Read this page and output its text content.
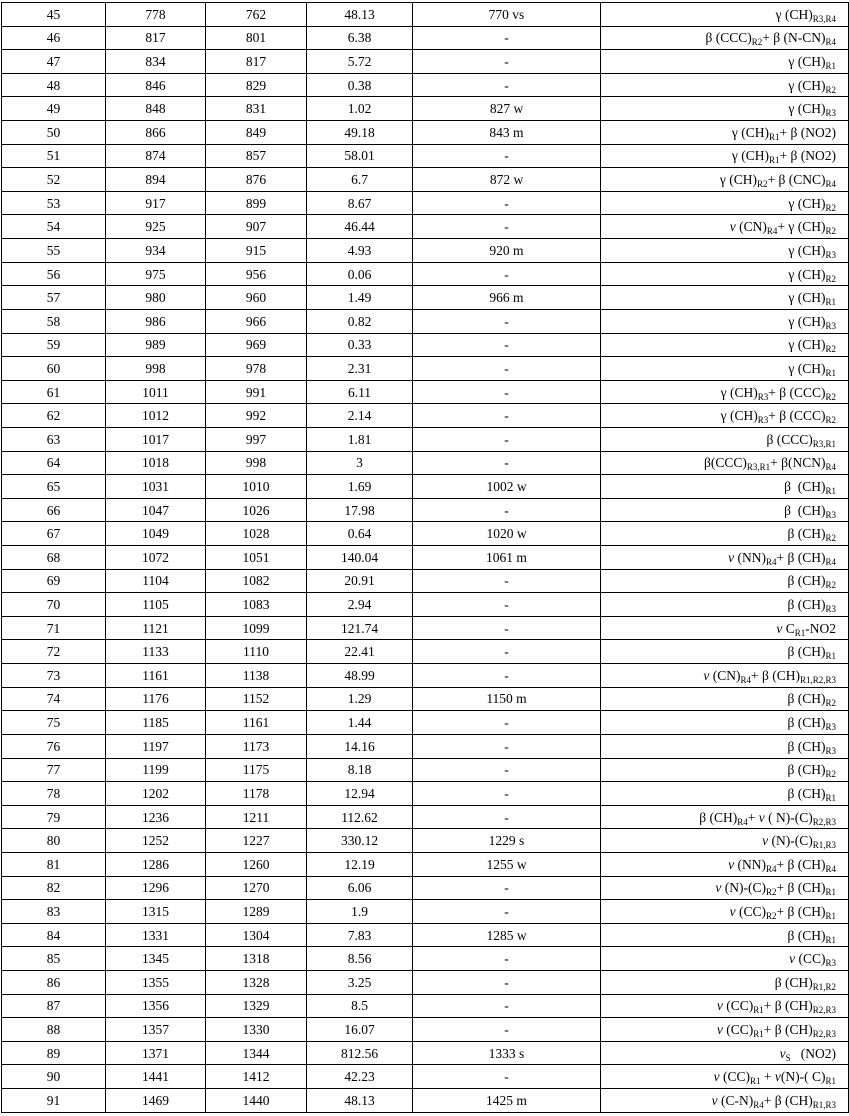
45	778	762	48.13	770 vs	γ $(CH)_{R3,R4}$
46	817	801	6.38	-	β $(CCC)_{R2}+ \beta$ $(N-CN)_{R4}$
47	834	817	5.72	-	γ $(CH)_{R1}$
48	846	829	0.38	-	γ $(CH)_{R2}$
49	848	831	1.02	827 w	γ $(CH)_{R3}$
50	866	849	49.18	843 m	γ $(CH)_{R1}+ \beta$ (NO2)
51	874	857	58.01	-	γ $(CH)_{R1}+ \beta$ (NO2)
52	894	876	6.7	872 w	γ $(CH)_{R2}+ \beta$ $(CNC)_{R4}$
53	917	899	8.67	-	γ $(CH)_{R2}$
54	925	907	46.44	-	v $(CN)_{R4}+ \gamma$ $(CH)_{R2}$
55	934	915	4.93	920 m	γ $(CH)_{R3}$
56	975	956	0.06	-	γ $(CH)_{R2}$
57	980	960	1.49	966 m	γ $(CH)_{R1}$
58	986	966	0.82	-	γ $(CH)_{R3}$
59	989	969	0.33	-	γ $(CH)_{R2}$
60	998	978	2.31	-	γ $(CH)_{R1}$
61	1011	991	6.11	-	γ $(CH)_{R3}+ \beta$ $(CCC)_{R2}$
62	1012	992	2.14	-	γ $(CH)_{R3}+ \beta$ $(CCC)_{R2}$
63	1017	997	1.81	-	β $(CCC)_{R3,R1}$
64	1018	998	3	-	$\beta(CCC)_{R3,R1}+ \beta(NCN)_{R4}$
65	1031	1010	1.69	1002 w	β  $(CH)_{R1}$
66	1047	1026	17.98	-	β  $(CH)_{R3}$
67	1049	1028	0.64	1020 w	β $(CH)_{R2}$
68	1072	1051	140.04	1061 m	v $(NN)_{R4}+ \beta$ $(CH)_{R4}$
69	1104	1082	20.91	-	β $(CH)_{R2}$
70	1105	1083	2.94	-	β $(CH)_{R3}$
71	1121	1099	121.74	-	v $C_{R1}-NO2$
72	1133	1110	22.41	-	β $(CH)_{R1}$
73	1161	1138	48.99	-	v $(CN)_{R4}+ \beta$ $(CH)_{R1,R2,R3}$
74	1176	1152	1.29	1150 m	β $(CH)_{R2}$
75	1185	1161	1.44	-	β $(CH)_{R3}$
76	1197	1173	14.16	-	β $(CH)_{R3}$
77	1199	1175	8.18	-	β $(CH)_{R2}$
78	1202	1178	12.94	-	β $(CH)_{R1}$
79	1236	1211	112.62	-	β $(CH)_{R4}+ v$ ( $N)-(C)_{R2,R3}$
80	1252	1227	330.12	1229 s	v $(N)-(C)_{R1,R3}$
81	1286	1260	12.19	1255 w	v $(NN)_{R4}+ \beta$ $(CH)_{R4}$
82	1296	1270	6.06	-	v $(N)-(C)_{R2}+ \beta$ $(CH)_{R1}$
83	1315	1289	1.9	-	v $(CC)_{R2}+ \beta$ $(CH)_{R1}$
84	1331	1304	7.83	1285 w	β $(CH)_{R1}$
85	1345	1318	8.56	-	v $(CC)_{R3}$
86	1355	1328	3.25	-	β $(CH)_{R1,R2}$
87	1356	1329	8.5	-	v $(CC)_{R1}+ \beta$ $(CH)_{R2,R3}$
88	1357	1330	16.07	-	v $(CC)_{R1}+ \beta$ $(CH)_{R2,R3}$
89	1371	1344	812.56	1333 s	$v_S$   (NO2)
90	1441	1412	42.23	-	v $(CC)_{R1} + v(N)-$( $C)_{R1}$
91	1469	1440	48.13	1425 m	v $(C-N)_{R4}+ \beta$ $(CH)_{R1,R3}$
